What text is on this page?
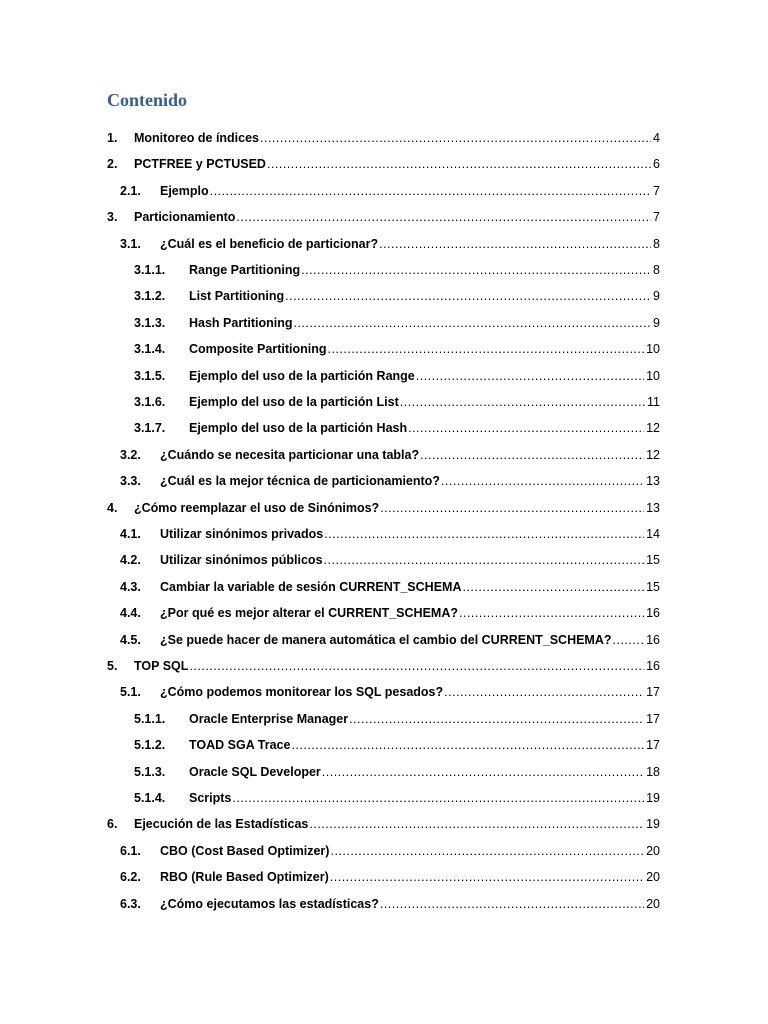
Contenido
1.	Monitoreo de índices .....	4
2.	PCTFREE y PCTUSED .....	6
2.1.	Ejemplo .....	7
3.	Particionamiento .....	7
3.1.	¿Cuál es el beneficio de particionar? .....	8
3.1.1.	Range Partitioning .....	8
3.1.2.	List Partitioning .....	9
3.1.3.	Hash Partitioning .....	9
3.1.4.	Composite Partitioning .....	10
3.1.5.	Ejemplo del uso de la partición Range .....	10
3.1.6.	Ejemplo del uso de la partición List .....	11
3.1.7.	Ejemplo del uso de la partición Hash .....	12
3.2.	¿Cuándo se necesita particionar una tabla? .....	12
3.3.	¿Cuál es la mejor técnica de particionamiento? .....	13
4.	¿Cómo reemplazar el uso de Sinónimos? .....	13
4.1.	Utilizar sinónimos privados .....	14
4.2.	Utilizar sinónimos públicos .....	15
4.3.	Cambiar la variable de sesión CURRENT_SCHEMA .....	15
4.4.	¿Por qué es mejor alterar el CURRENT_SCHEMA? .....	16
4.5.	¿Se puede hacer de manera automática el cambio del CURRENT_SCHEMA? .....	16
5.	TOP SQL .....	16
5.1.	¿Cómo podemos monitorear los SQL pesados? .....	17
5.1.1.	Oracle Enterprise Manager .....	17
5.1.2.	TOAD SGA Trace .....	17
5.1.3.	Oracle SQL Developer .....	18
5.1.4.	Scripts .....	19
6.	Ejecución de las Estadísticas .....	19
6.1.	CBO (Cost Based Optimizer) .....	20
6.2.	RBO (Rule Based Optimizer) .....	20
6.3.	¿Cómo ejecutamos las estadísticas? .....	20
